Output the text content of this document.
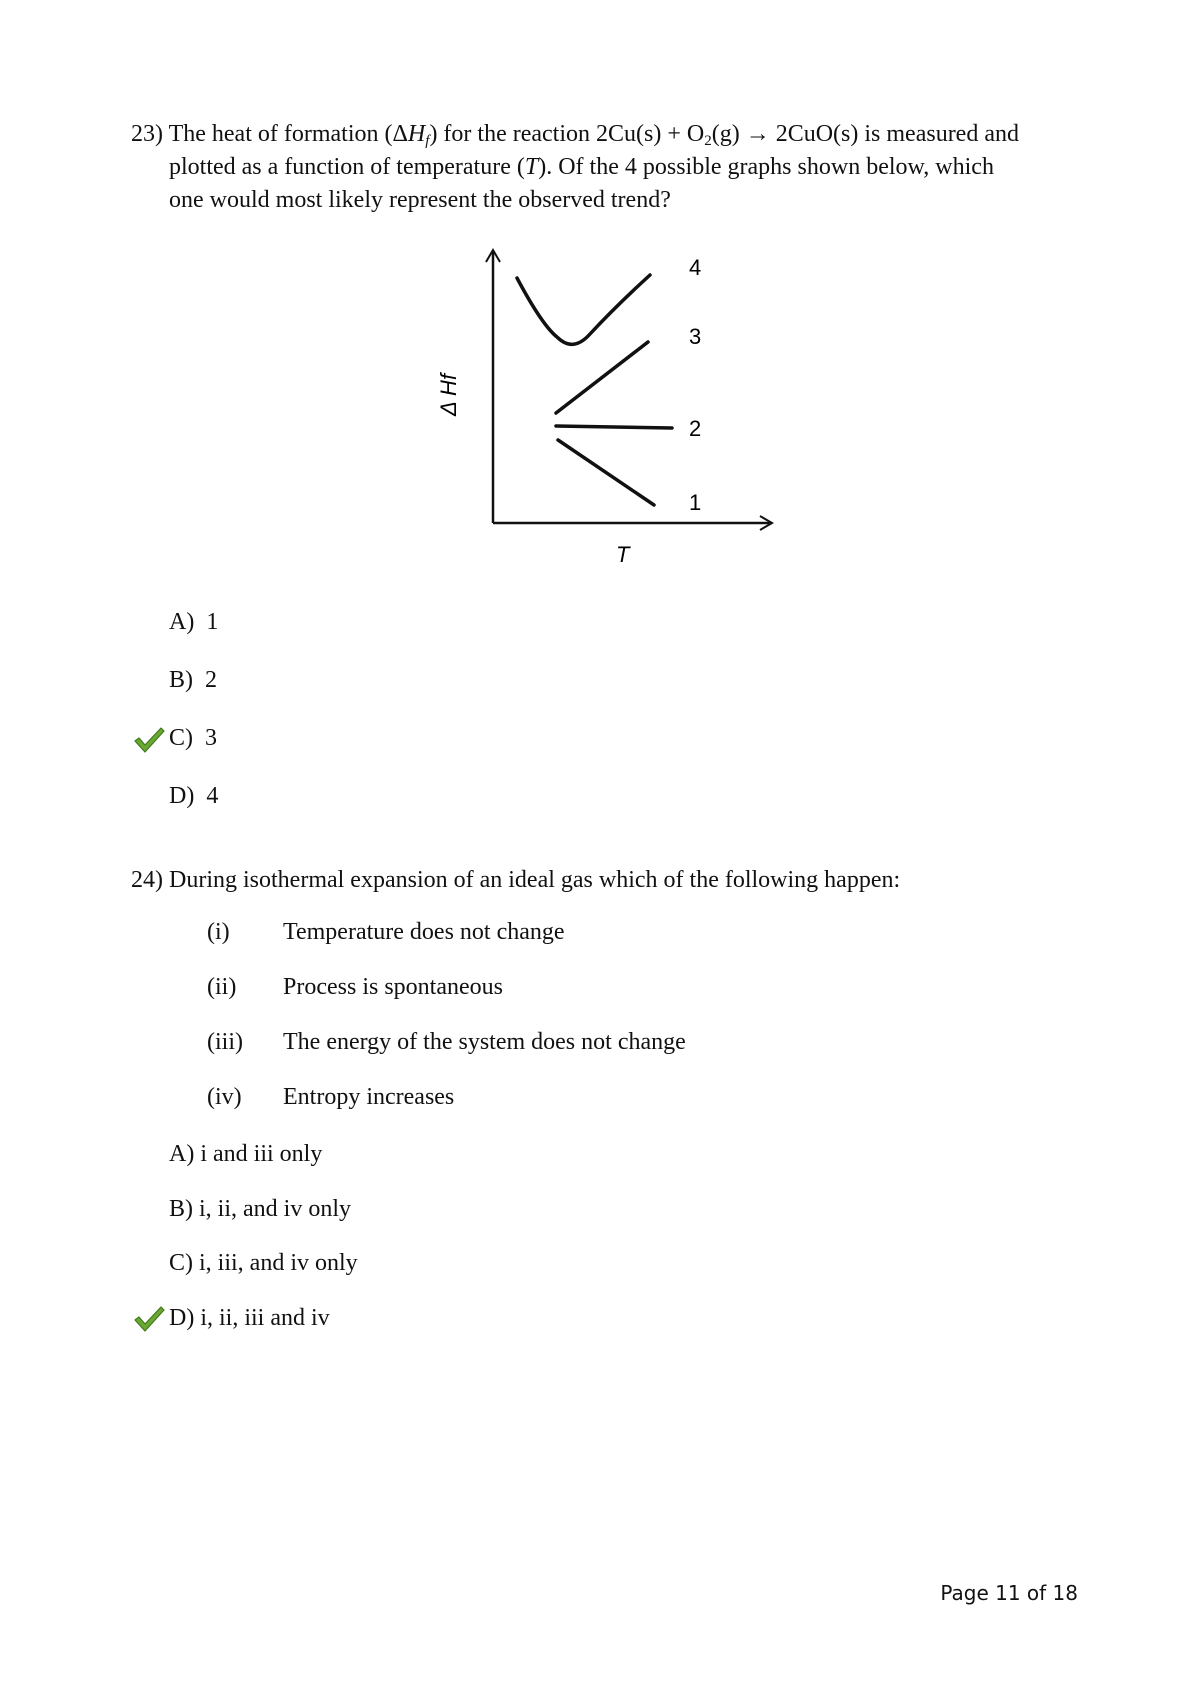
23) The heat of formation $(\Delta H_f)$ for the reaction $2Cu(s) + O_2(g) \to 2CuO(s)$ is measured and
plotted as a function of temperature (T). Of the 4 possible graphs shown below, which
one would most likely represent the observed trend?
4
3
2
1
T
Δ Hf
A) 1
B) 2
C) 3
D) 4
24) During isothermal expansion of an ideal gas which of the following happen:
(i) Temperature does not change
(ii) Process is spontaneous
(iii) The energy of the system does not change
(iv) Entropy increases
A) i and iii only
B) i, ii, and iv only
C) i, iii, and iv only
D) i, ii, iii and iv
Page 11 of 18
